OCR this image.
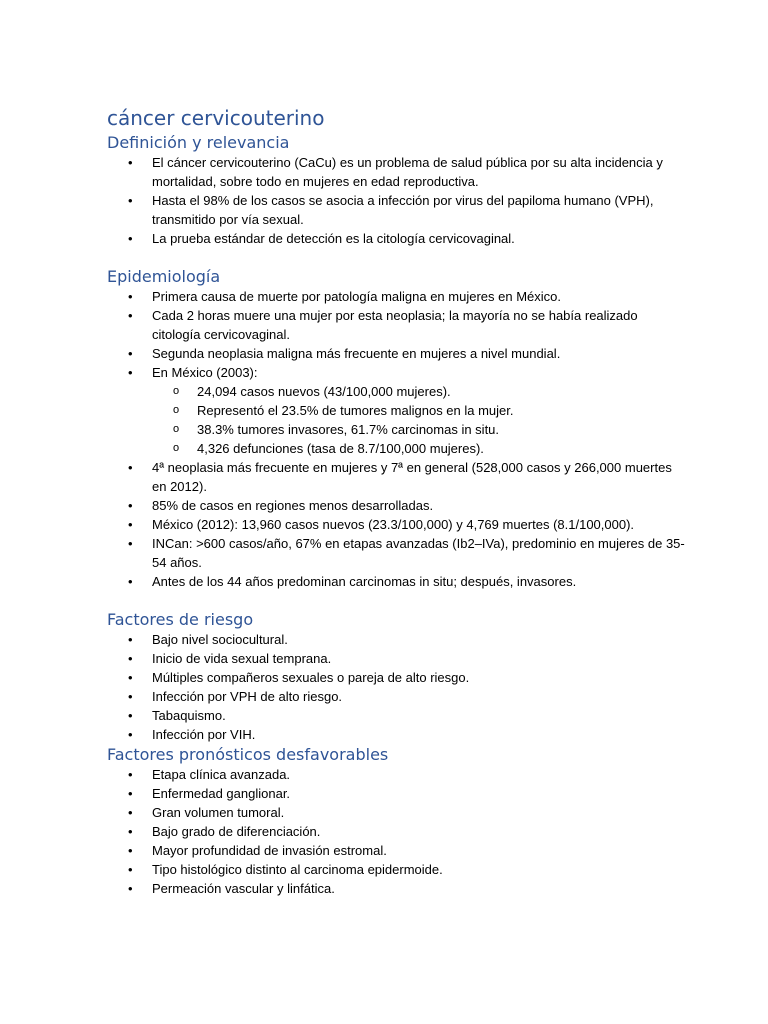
cáncer cervicouterino
Definición y relevancia
• El cáncer cervicouterino (CaCu) es un problema de salud pública por su alta incidencia y mortalidad, sobre todo en mujeres en edad reproductiva.
• Hasta el 98% de los casos se asocia a infección por virus del papiloma humano (VPH), transmitido por vía sexual.
• La prueba estándar de detección es la citología cervicovaginal.
Epidemiología
• Primera causa de muerte por patología maligna en mujeres en México.
• Cada 2 horas muere una mujer por esta neoplasia; la mayoría no se había realizado citología cervicovaginal.
• Segunda neoplasia maligna más frecuente en mujeres a nivel mundial.
• En México (2003):
o 24,094 casos nuevos (43/100,000 mujeres).
o Representó el 23.5% de tumores malignos en la mujer.
o 38.3% tumores invasores, 61.7% carcinomas in situ.
o 4,326 defunciones (tasa de 8.7/100,000 mujeres).
• 4ª neoplasia más frecuente en mujeres y 7ª en general (528,000 casos y 266,000 muertes en 2012).
• 85% de casos en regiones menos desarrolladas.
• México (2012): 13,960 casos nuevos (23.3/100,000) y 4,769 muertes (8.1/100,000).
• INCan: >600 casos/año, 67% en etapas avanzadas (Ib2–IVa), predominio en mujeres de 35-54 años.
• Antes de los 44 años predominan carcinomas in situ; después, invasores.
Factores de riesgo
• Bajo nivel sociocultural.
• Inicio de vida sexual temprana.
• Múltiples compañeros sexuales o pareja de alto riesgo.
• Infección por VPH de alto riesgo.
• Tabaquismo.
• Infección por VIH.
Factores pronósticos desfavorables
• Etapa clínica avanzada.
• Enfermedad ganglionar.
• Gran volumen tumoral.
• Bajo grado de diferenciación.
• Mayor profundidad de invasión estromal.
• Tipo histológico distinto al carcinoma epidermoide.
• Permeación vascular y linfática.
